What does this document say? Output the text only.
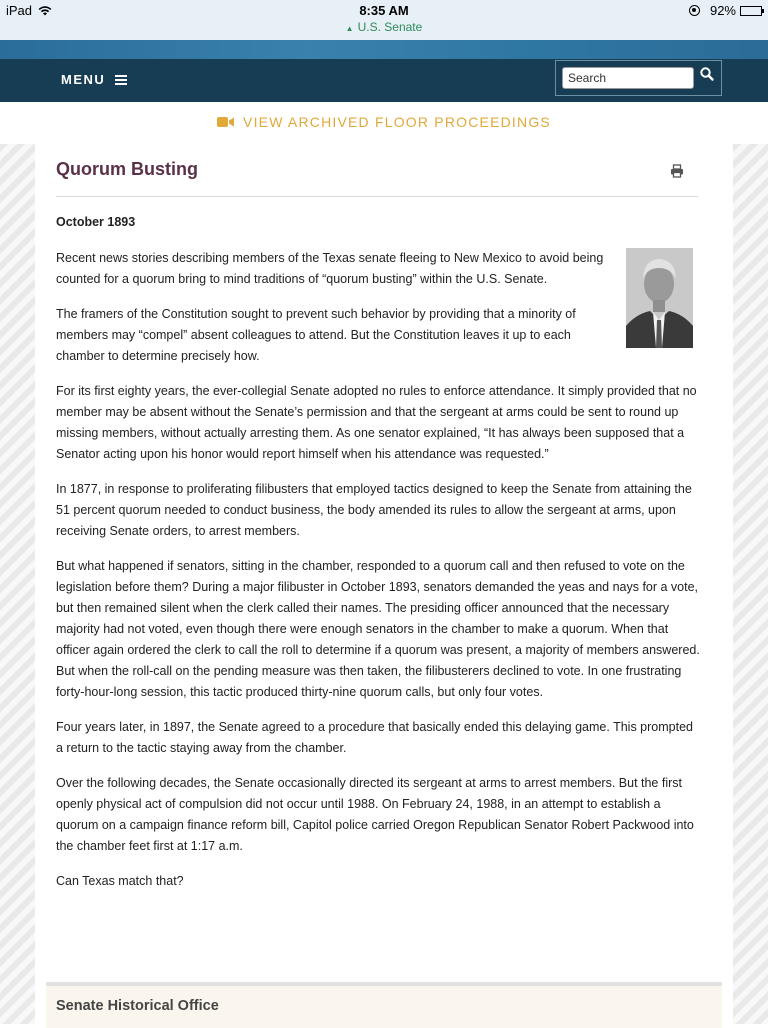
iPad	8:35 AM
▲ U.S. Senate
92%
MENU
Search
VIEW ARCHIVED FLOOR PROCEEDINGS
Quorum Busting

October 1893

Recent news stories describing members of the Texas senate fleeing to New Mexico to avoid being counted for a quorum bring to mind traditions of “quorum busting” within the U.S. Senate.

The framers of the Constitution sought to prevent such behavior by providing that a minority of members may “compel” absent colleagues to attend. But the Constitution leaves it up to each chamber to determine precisely how.

For its first eighty years, the ever-collegial Senate adopted no rules to enforce attendance. It simply provided that no member may be absent without the Senate’s permission and that the sergeant at arms could be sent to round up missing members, without actually arresting them. As one senator explained, “It has always been supposed that a Senator acting upon his honor would report himself when his attendance was requested.”

In 1877, in response to proliferating filibusters that employed tactics designed to keep the Senate from attaining the 51 percent quorum needed to conduct business, the body amended its rules to allow the sergeant at arms, upon receiving Senate orders, to arrest members.

But what happened if senators, sitting in the chamber, responded to a quorum call and then refused to vote on the legislation before them? During a major filibuster in October 1893, senators demanded the yeas and nays for a vote, but then remained silent when the clerk called their names. The presiding officer announced that the necessary majority had not voted, even though there were enough senators in the chamber to make a quorum. When that officer again ordered the clerk to call the roll to determine if a quorum was present, a majority of members answered. But when the roll-call on the pending measure was then taken, the filibusterers declined to vote. In one frustrating forty-hour-long session, this tactic produced thirty-nine quorum calls, but only four votes.

Four years later, in 1897, the Senate agreed to a procedure that basically ended this delaying game. This prompted a return to the tactic staying away from the chamber.

Over the following decades, the Senate occasionally directed its sergeant at arms to arrest members. But the first openly physical act of compulsion did not occur until 1988. On February 24, 1988, in an attempt to establish a quorum on a campaign finance reform bill, Capitol police carried Oregon Republican Senator Robert Packwood into the chamber feet first at 1:17 a.m.

Can Texas match that?

Senate Historical Office
